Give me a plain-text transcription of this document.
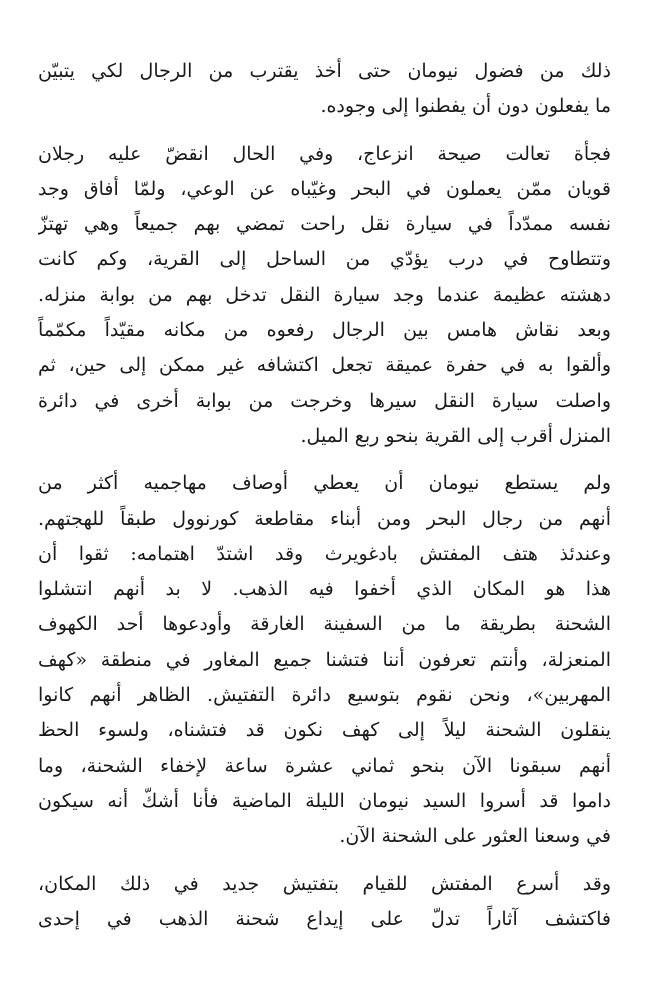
ذلك من فضول نيومان حتى أخذ يقترب من الرجال لكي يتبيّن
ما يفعلون دون أن يفطنوا إلى وجوده.

فجأة تعالت صيحة انزعاج، وفي الحال انقضّ عليه رجلان
قويان ممّن يعملون في البحر وغيّباه عن الوعي، ولمّا أفاق وجد
نفسه ممدّداً في سيارة نقل راحت تمضي بهم جميعاً وهي تهتزّ
وتتطاوح في درب يؤدّي من الساحل إلى القرية، وكم كانت
دهشته عظيمة عندما وجد سيارة النقل تدخل بهم من بوابة منزله.
وبعد نقاش هامس بين الرجال رفعوه من مكانه مقيّداً مكمّماً
وألقوا به في حفرة عميقة تجعل اكتشافه غير ممكن إلى حين، ثم
واصلت سيارة النقل سيرها وخرجت من بوابة أخرى في دائرة
المنزل أقرب إلى القرية بنحو ربع الميل.

ولم يستطع نيومان أن يعطي أوصاف مهاجميه أكثر من
أنهم من رجال البحر ومن أبناء مقاطعة كورنوول طبقاً للهجتهم.
وعندئذ هتف المفتش بادغويرث وقد اشتدّ اهتمامه: ثقوا أن
هذا هو المكان الذي أخفوا فيه الذهب. لا بد أنهم انتشلوا
الشحنة بطريقة ما من السفينة الغارقة وأودعوها أحد الكهوف
المنعزلة، وأنتم تعرفون أننا فتشنا جميع المغاور في منطقة «كهف
المهربين»، ونحن نقوم بتوسيع دائرة التفتيش. الظاهر أنهم كانوا
ينقلون الشحنة ليلاً إلى كهف نكون قد فتشناه، ولسوء الحظ
أنهم سبقونا الآن بنحو ثماني عشرة ساعة لإخفاء الشحنة، وما
داموا قد أسروا السيد نيومان الليلة الماضية فأنا أشكّ أنه سيكون
في وسعنا العثور على الشحنة الآن.

وقد أسرع المفتش للقيام بتفتيش جديد في ذلك المكان،
فاكتشف آثاراً تدلّ على إيداع شحنة الذهب في إحدى
